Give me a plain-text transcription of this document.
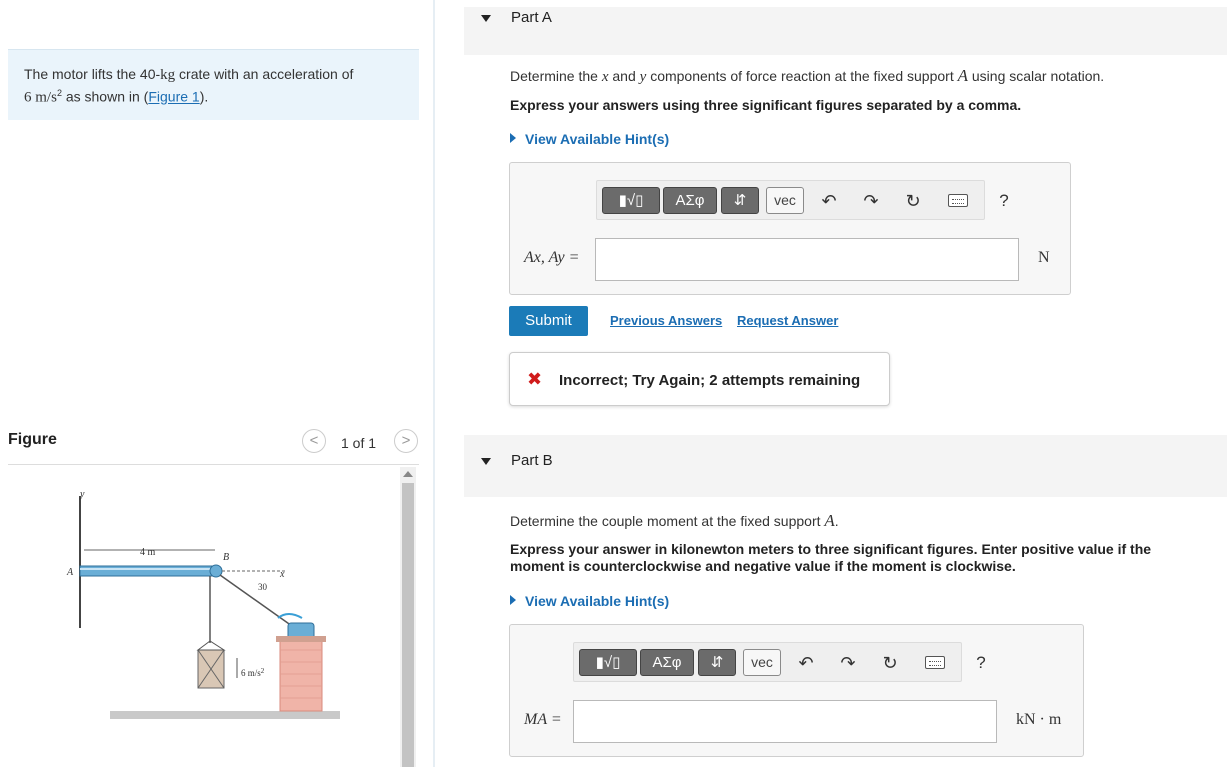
The motor lifts the 40-kg crate with an acceleration of
6 $m/s^2$ as shown in (Figure 1).
Figure	<	1 of 1	>
y
4 m
A
B
x
30
6 $m/s^2$
Part A
Determine the x and y components of force reaction at the fixed support A using scalar notation.
Express your answers using three significant figures separated by a comma.
View Available Hint(s)
▮√▯	ΑΣφ	⇵	vec	↶ ↷ ↻	?
Ax, Ay =	N
Submit	Previous Answers Request Answer
✖ Incorrect; Try Again; 2 attempts remaining
Part B
Determine the couple moment at the fixed support A.
Express your answer in kilonewton meters to three significant figures. Enter positive value if the moment is counterclockwise and negative value if the moment is clockwise.
View Available Hint(s)
▮√▯	ΑΣφ	⇵	vec	↶ ↷ ↻	?
MA =	kN · m
